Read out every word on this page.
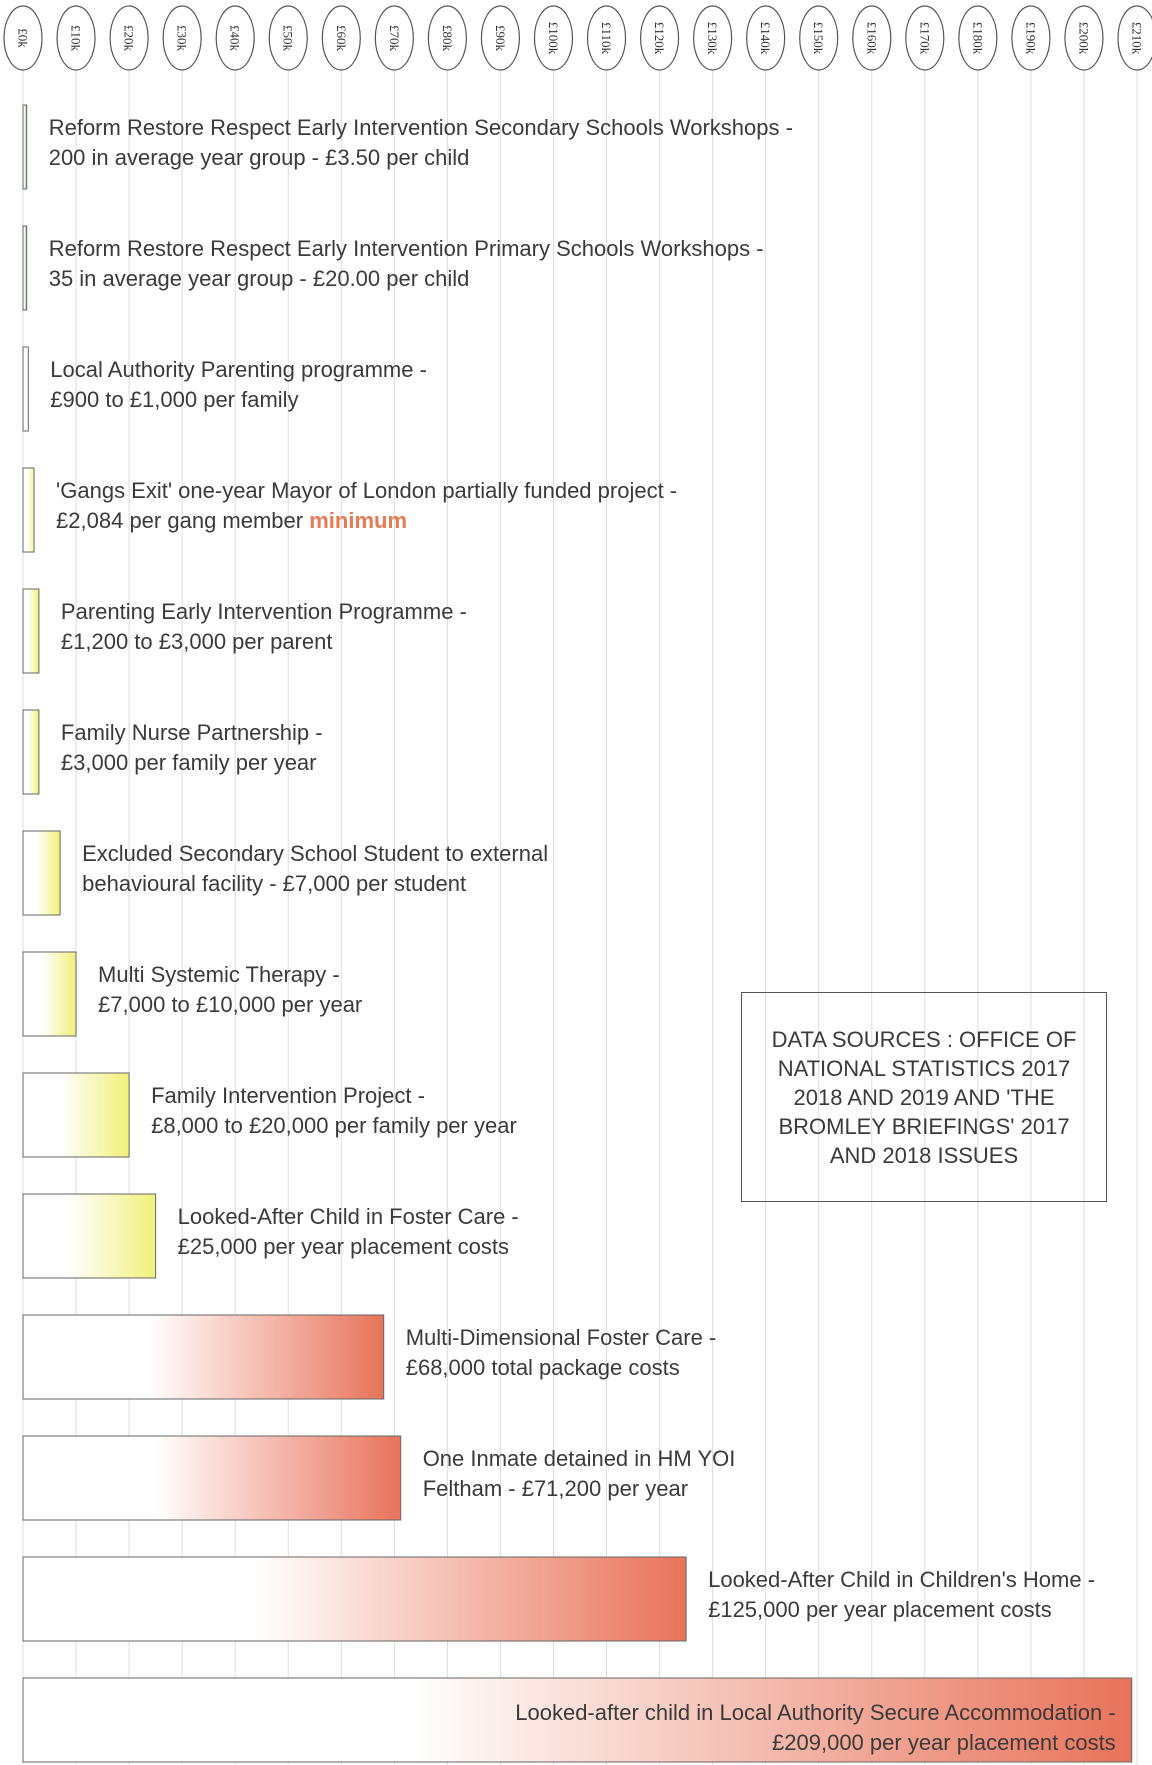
£0k	£10k	£20k	£30k	£40k	£50k	£60k	£70k	£80k	£90k	£100k	£110k	£120k	£130k	£140k	£150k	£160k	£170k	£180k	£190k	£200k	£210k
Reform Restore Respect Early Intervention Secondary Schools Workshops -
200 in average year group - £3.50 per child
Reform Restore Respect Early Intervention Primary Schools Workshops -
35 in average year group - £20.00 per child
Local Authority Parenting programme -
£900 to £1,000 per family
'Gangs Exit' one-year Mayor of London partially funded project -
£2,084 per gang member minimum
Parenting Early Intervention Programme -
£1,200 to £3,000 per parent
Family Nurse Partnership -
£3,000 per family per year
Excluded Secondary School Student to external
behavioural facility - £7,000 per student
Multi Systemic Therapy -
£7,000 to £10,000 per year
Family Intervention Project -
£8,000 to £20,000 per family per year
Looked-After Child in Foster Care -
£25,000 per year placement costs
Multi-Dimensional Foster Care -
£68,000 total package costs
One Inmate detained in HM YOI
Feltham - £71,200 per year
Looked-After Child in Children's Home -
£125,000 per year placement costs
Looked-after child in Local Authority Secure Accommodation -
£209,000 per year placement costs
DATA SOURCES : OFFICE OF
NATIONAL STATISTICS 2017
2018 AND 2019 AND 'THE
BROMLEY BRIEFINGS' 2017
AND 2018 ISSUES
